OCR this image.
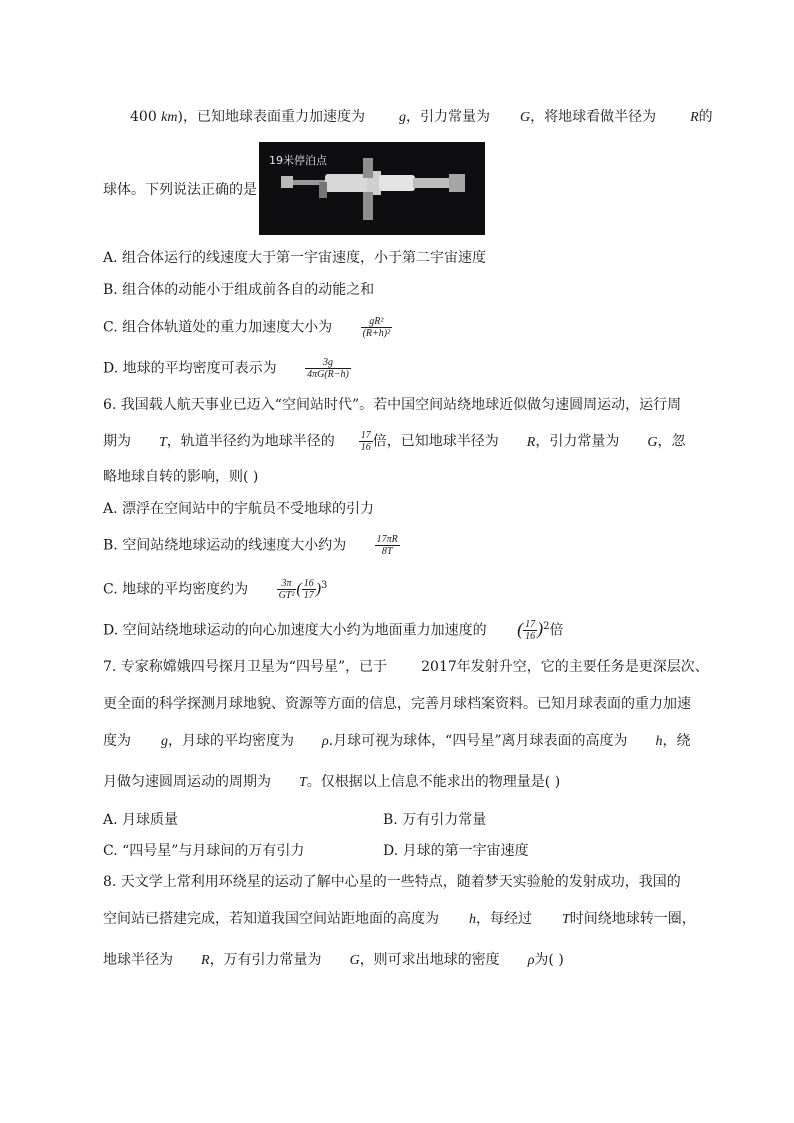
400 km)，已知地球表面重力加速度为 g，引力常量为 G，将地球看做半径为 R的
球体。下列说法正确的是
19米停泊点
A. 组合体运行的线速度大于第一宇宙速度，小于第二宇宙速度
B. 组合体的动能小于组成前各自的动能之和
C. 组合体轨道处的重力加速度大小为	$\frac{\text{gR²}}{\text{(R+h)²}}$
D. 地球的平均密度可表示为	$\frac{3g}{4\pi G(R-h)}$
6. 我国载人航天事业已迈入“空间站时代”。若中国空间站绕地球近似做匀速圆周运动，运行周
期为 T，轨道半径约为地球半径的 $\frac{17}{16}$ 倍，已知地球半径为 R，引力常量为 G，忽
略地球自转的影响，则( )
A. 漂浮在空间站中的宇航员不受地球的引力
B. 空间站绕地球运动的线速度大小约为	$\frac{17\pi R}{8T}$
C. 地球的平均密度约为	$\frac{3\pi}{\text{GT²}}$ ( $\frac{16}{17} )^3$
D. 空间站绕地球运动的向心加速度大小约为地面重力加速度的 ( $\frac{17}{16} )^2$倍
7. 专家称嫦娥四号探月卫星为“四号星”，已于 2017年发射升空，它的主要任务是更深层次、
更全面的科学探测月球地貌、资源等方面的信息，完善月球档案资料。已知月球表面的重力加速
度为 g，月球的平均密度为 ρ.月球可视为球体，“四号星”离月球表面的高度为 h，绕
月做匀速圆周运动的周期为 T。仅根据以上信息不能求出的物理量是( )
A. 月球质量	B. 万有引力常量
C. “四号星”与月球间的万有引力	D. 月球的第一宇宙速度
8. 天文学上常利用环绕星的运动了解中心星的一些特点，随着梦天实验舱的发射成功，我国的
空间站已搭建完成，若知道我国空间站距地面的高度为 h，每经过 T时间绕地球转一圈，
地球半径为 R，万有引力常量为 G，则可求出地球的密度 ρ为( )
